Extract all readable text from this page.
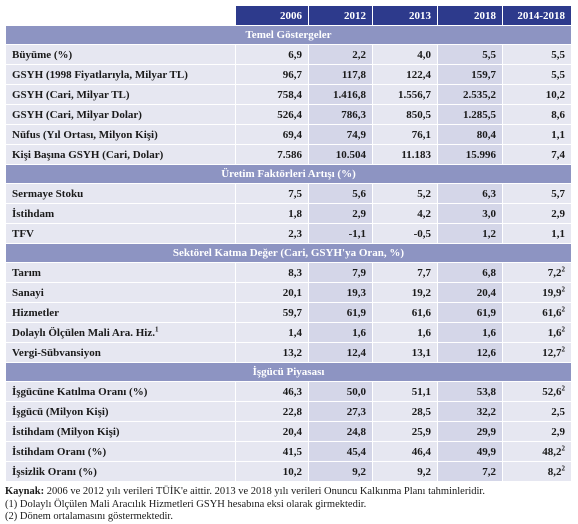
	2006	2012	2013	2018	2014-2018
Temel Göstergeler					
Büyüme (%)	6,9	2,2	4,0	5,5	5,5
GSYH (1998 Fiyatlarıyla, Milyar TL)	96,7	117,8	122,4	159,7	5,5
GSYH (Cari, Milyar TL)	758,4	1.416,8	1.556,7	2.535,2	10,2
GSYH (Cari, Milyar Dolar)	526,4	786,3	850,5	1.285,5	8,6
Nüfus (Yıl Ortası, Milyon Kişi)	69,4	74,9	76,1	80,4	1,1
Kişi Başına GSYH (Cari, Dolar)	7.586	10.504	11.183	15.996	7,4
Üretim Faktörleri Artışı (%)					
Sermaye Stoku	7,5	5,6	5,2	6,3	5,7
İstihdam	1,8	2,9	4,2	3,0	2,9
TFV	2,3	-1,1	-0,5	1,2	1,1
Sektörel Katma Değer (Cari, GSYH'ya Oran, %)					
Tarım	8,3	7,9	7,7	6,8	$7,2^2$
Sanayi	20,1	19,3	19,2	20,4	19,9$^2$
Hizmetler	59,7	61,9	61,6	61,9	61,6$^2$
Dolaylı Ölçülen Mali Ara. Hiz.$^1$	1,4	1,6	1,6	1,6	$1,6^2$
Vergi-Sübvansiyon	13,2	12,4	13,1	12,6	12,7$^2$
İşgücü Piyasası					
İşgücüne Katılma Oranı (%)	46,3	50,0	51,1	53,8	52,6$^2$
İşgücü (Milyon Kişi)	22,8	27,3	28,5	32,2	2,5
İstihdam (Milyon Kişi)	20,4	24,8	25,9	29,9	2,9
İstihdam Oranı (%)	41,5	45,4	46,4	49,9	48,2$^2$
İşsizlik Oranı (%)	10,2	9,2	9,2	7,2	$8,2^2$
Kaynak: 2006 ve 2012 yılı verileri TÜİK'e aittir. 2013 ve 2018 yılı verileri Onuncu Kalkınma Planı tahminleridir.
(1) Dolaylı Ölçülen Mali Aracılık Hizmetleri GSYH hesabına eksi olarak girmektedir.
(2) Dönem ortalamasını göstermektedir.
